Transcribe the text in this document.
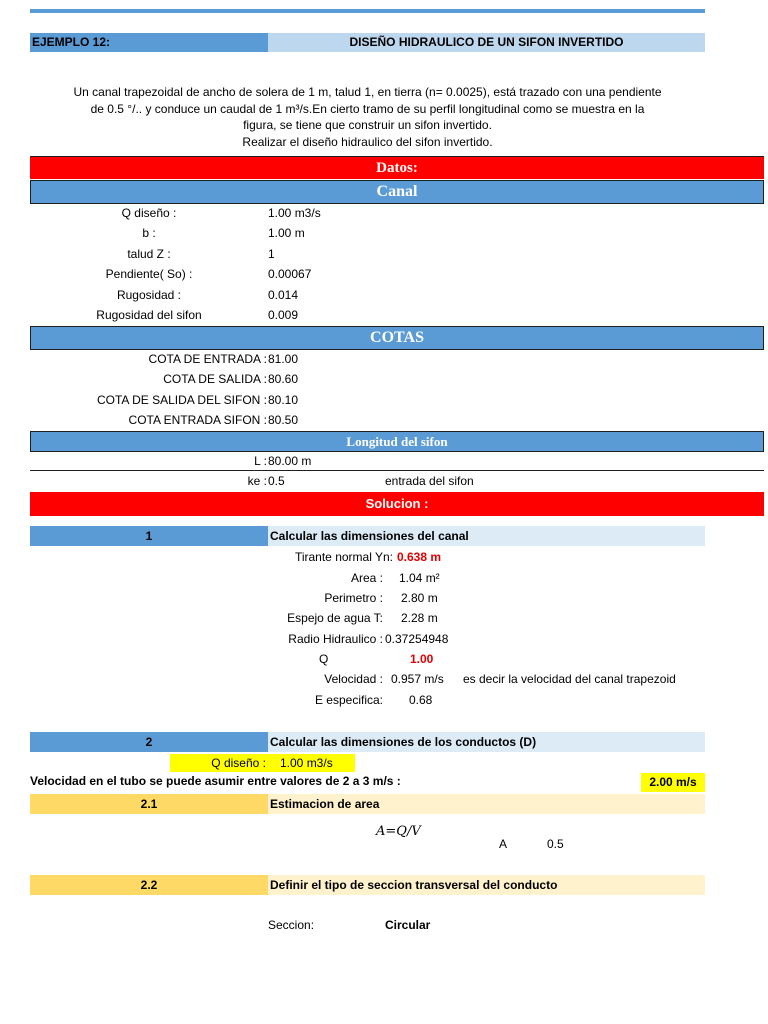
EJEMPLO 12:	DISEÑO HIDRAULICO DE UN SIFON INVERTIDO
Un canal trapezoidal de ancho de solera de 1 m, talud 1, en tierra (n= 0.0025), está trazado con una pendiente
de 0.5 °/.. y conduce un caudal de 1 m³/s.En cierto tramo de su perfil longitudinal como se muestra en la
figura, se tiene que construir un sifon invertido.
Realizar el diseño hidraulico del sifon invertido.
Datos:
Canal
Q diseño :	1.00 m3/s
b :	1.00 m
talud Z :	1
Pendiente( So) :	0.00067
Rugosidad :	0.014
Rugosidad del sifon	0.009
COTAS
COTA DE ENTRADA : 81.00
COTA DE SALIDA : 80.60
COTA DE SALIDA DEL SIFON : 80.10
COTA ENTRADA SIFON : 80.50
Longitud del sifon
L : 80.00 m
ke : 0.5	entrada del sifon
Solucion :
1	Calcular las dimensiones del canal
Tirante normal Yn: 0.638 m
Area : 1.04 m²
Perimetro : 2.80 m
Espejo de agua T: 2.28 m
Radio Hidraulico : 0.37254948
Q	1.00
Velocidad : 0.957 m/s es decir la velocidad del canal trapezoid
E especifica: 0.68
2	Calcular las dimensiones de los conductos (D)
Q diseño :	1.00 m3/s
Velocidad en el tubo se puede asumir entre valores de 2 a 3 m/s :	2.00 m/s
2.1	Estimacion de area
A=Q/V
A	0.5
2.2	Definir el tipo de seccion transversal del conducto
Seccion:	Circular
